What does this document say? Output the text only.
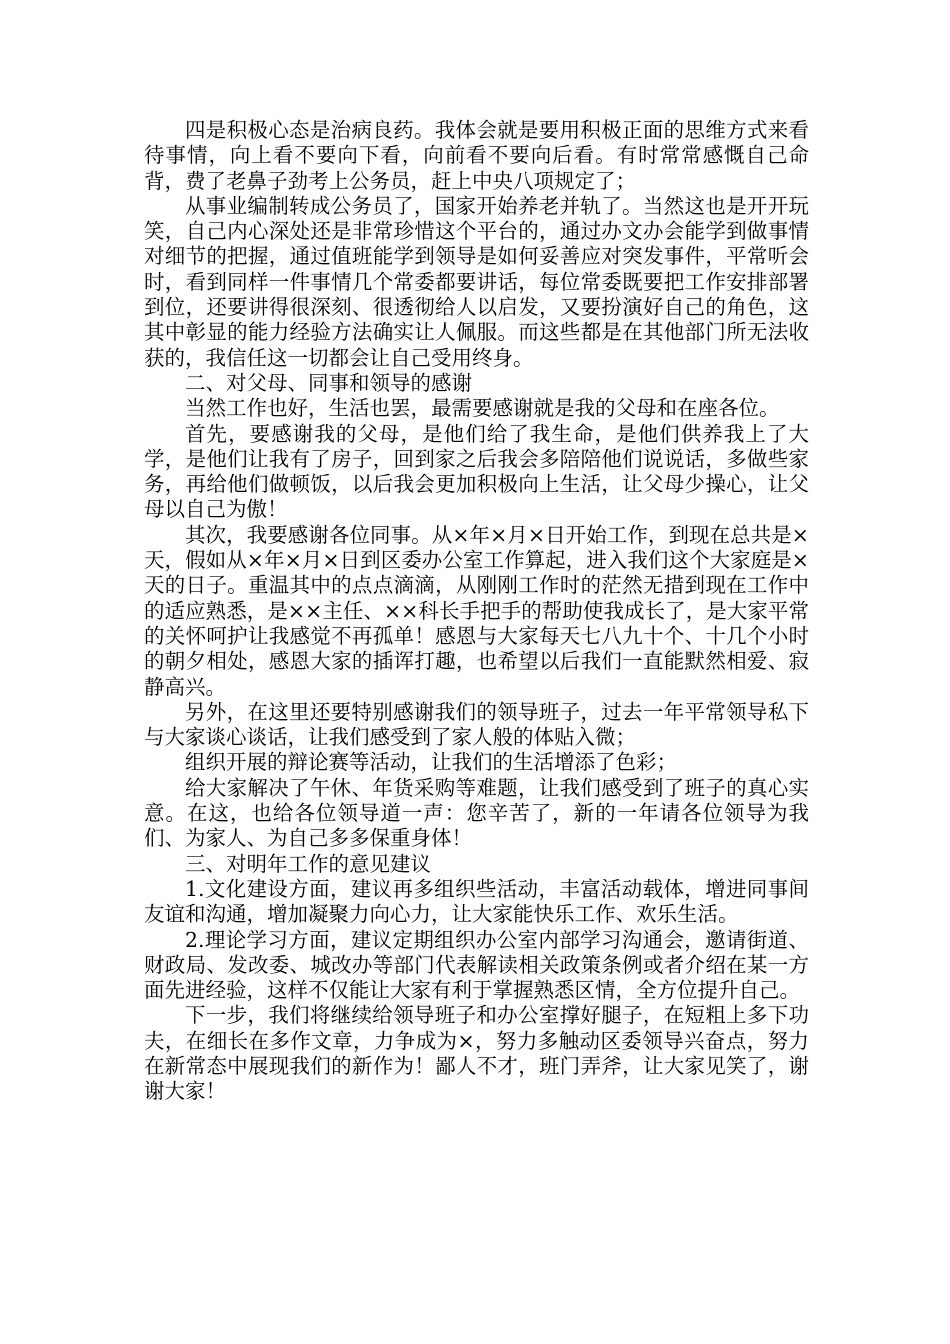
四是积极心态是治病良药。我体会就是要用积极正面的思维方式来看待事情，向上看不要向下看，向前看不要向后看。有时常常感慨自己命背，费了老鼻子劲考上公务员，赶上中央八项规定了；

从事业编制转成公务员了，国家开始养老并轨了。当然这也是开开玩笑，自己内心深处还是非常珍惜这个平台的，通过办文办会能学到做事情对细节的把握，通过值班能学到领导是如何妥善应对突发事件，平常听会时，看到同样一件事情几个常委都要讲话，每位常委既要把工作安排部署到位，还要讲得很深刻、很透彻给人以启发，又要扮演好自己的角色，这其中彰显的能力经验方法确实让人佩服。而这些都是在其他部门所无法收获的，我信任这一切都会让自己受用终身。

二、对父母、同事和领导的感谢

当然工作也好，生活也罢，最需要感谢就是我的父母和在座各位。

首先，要感谢我的父母，是他们给了我生命，是他们供养我上了大学，是他们让我有了房子，回到家之后我会多陪陪他们说说话，多做些家务，再给他们做顿饭，以后我会更加积极向上生活，让父母少操心，让父母以自己为傲！

其次，我要感谢各位同事。从×年×月×日开始工作，到现在总共是×天，假如从×年×月×日到区委办公室工作算起，进入我们这个大家庭是×天的日子。重温其中的点点滴滴，从刚刚工作时的茫然无措到现在工作中的适应熟悉，是××主任、××科长手把手的帮助使我成长了，是大家平常的关怀呵护让我感觉不再孤单！感恩与大家每天七八九十个、十几个小时的朝夕相处，感恩大家的插诨打趣，也希望以后我们一直能默然相爱、寂静高兴。

另外，在这里还要特别感谢我们的领导班子，过去一年平常领导私下与大家谈心谈话，让我们感受到了家人般的体贴入微；

组织开展的辩论赛等活动，让我们的生活增添了色彩；

给大家解决了午休、年货采购等难题，让我们感受到了班子的真心实意。在这，也给各位领导道一声：您辛苦了，新的一年请各位领导为我们、为家人、为自己多多保重身体！

三、对明年工作的意见建议

1.文化建设方面，建议再多组织些活动，丰富活动载体，增进同事间友谊和沟通，增加凝聚力向心力，让大家能快乐工作、欢乐生活。

2.理论学习方面，建议定期组织办公室内部学习沟通会，邀请街道、财政局、发改委、城改办等部门代表解读相关政策条例或者介绍在某一方面先进经验，这样不仅能让大家有利于掌握熟悉区情，全方位提升自己。

下一步，我们将继续给领导班子和办公室撑好腿子，在短粗上多下功夫，在细长在多作文章，力争成为×，努力多触动区委领导兴奋点，努力在新常态中展现我们的新作为！鄙人不才，班门弄斧，让大家见笑了，谢谢大家！
